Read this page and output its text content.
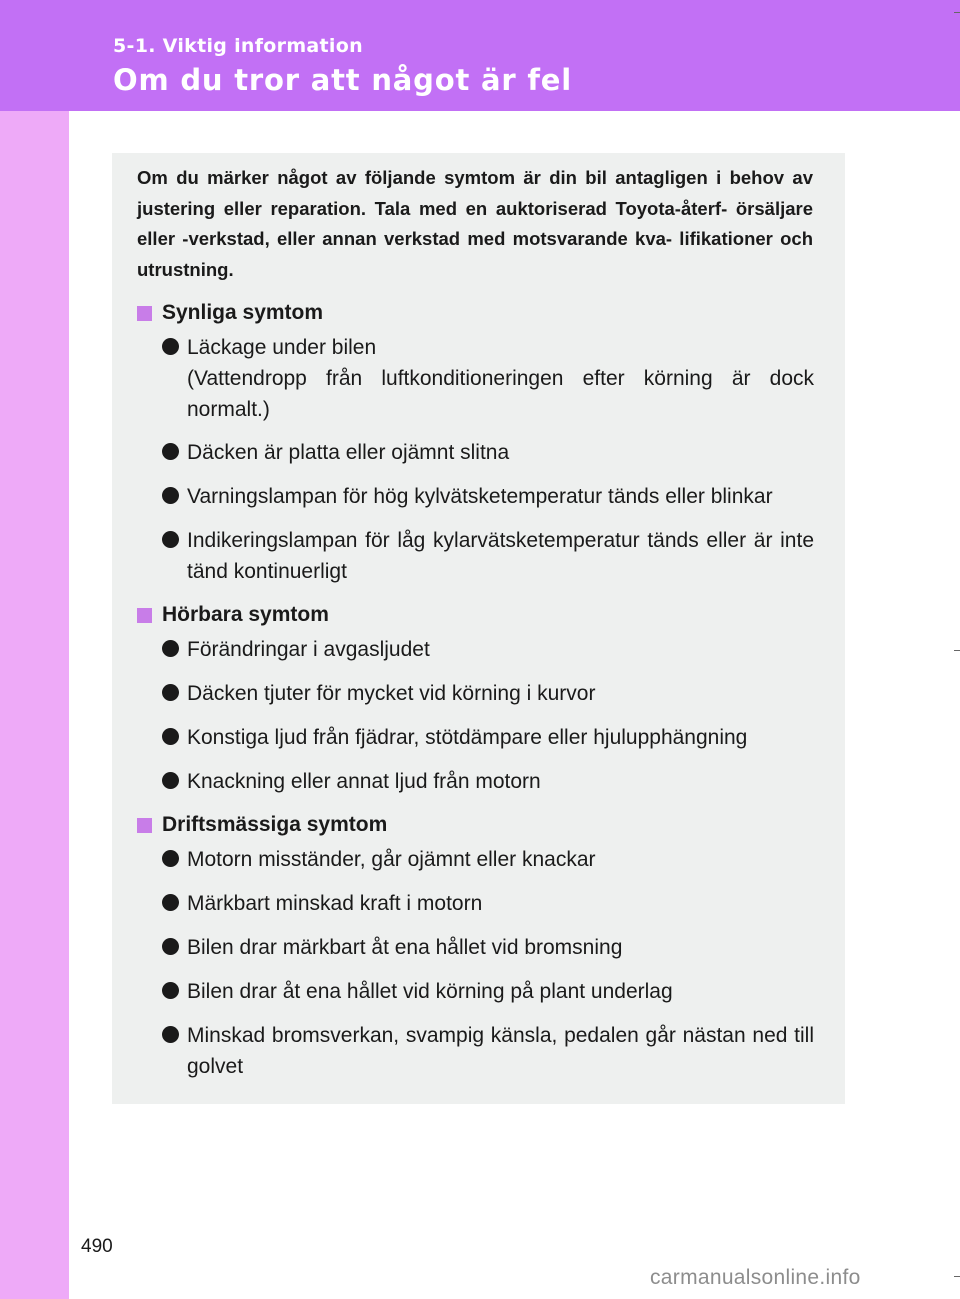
5-1. Viktig information
Om du tror att något är fel
Om du märker något av följande symtom är din bil antagligen i behov av justering eller reparation. Tala med en auktoriserad Toyota-återf- örsäljare eller -verkstad, eller annan verkstad med motsvarande kva- lifikationer och utrustning.
Synliga symtom
Läckage under bilen
(Vattendropp från luftkonditioneringen efter körning är dock normalt.)
Däcken är platta eller ojämnt slitna
Varningslampan för hög kylvätsketemperatur tänds eller blinkar
Indikeringslampan för låg kylarvätsketemperatur tänds eller är inte tänd kontinuerligt
Hörbara symtom
Förändringar i avgasljudet
Däcken tjuter för mycket vid körning i kurvor
Konstiga ljud från fjädrar, stötdämpare eller hjulupphängning
Knackning eller annat ljud från motorn
Driftsmässiga symtom
Motorn misständer, går ojämnt eller knackar
Märkbart minskad kraft i motorn
Bilen drar märkbart åt ena hållet vid bromsning
Bilen drar åt ena hållet vid körning på plant underlag
Minskad bromsverkan, svampig känsla, pedalen går nästan ned till golvet
490
carmanualsonline.info
